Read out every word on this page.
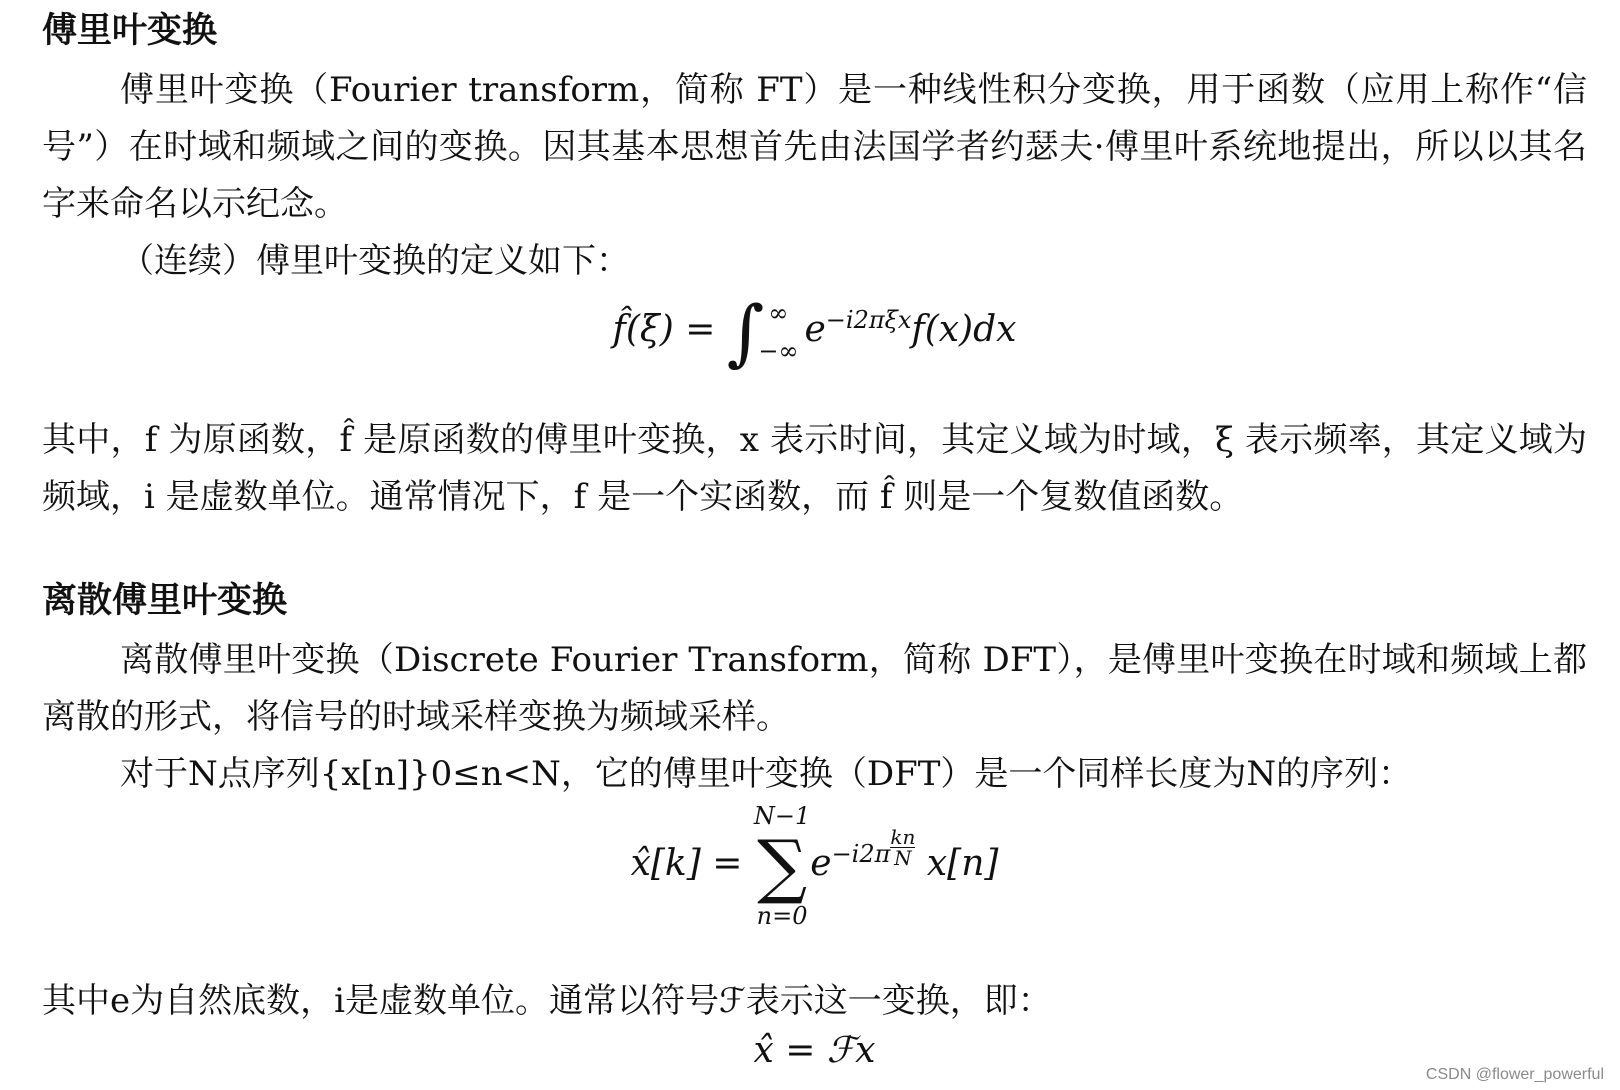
傅里叶变换

傅里叶变换（Fourier transform，简称 FT）是一种线性积分变换，用于函数（应用上称作“信号”）在时域和频域之间的变换。因其基本思想首先由法国学者约瑟夫·傅里叶系统地提出，所以以其名字来命名以示纪念。

（连续）傅里叶变换的定义如下：

f̂(ξ) = ∫ ∞
−∞
$e^{-i2\pi\xi x}f(x)dx$

其中，f 为原函数，f̂ 是原函数的傅里叶变换，x 表示时间，其定义域为时域，ξ 表示频率，其定义域为频域，i 是虚数单位。通常情况下，f 是一个实函数，而 f̂ 则是一个复数值函数。

离散傅里叶变换

离散傅里叶变换（Discrete Fourier Transform，简称 DFT），是傅里叶变换在时域和频域上都离散的形式，将信号的时域采样变换为频域采样。

对于N点序列{x[n]}0≤n<N，它的傅里叶变换（DFT）是一个同样长度为N的序列：

x̂[k] =
N−1
∑
n=0
$e^{-i2\pi \frac{kn}{N}}$ x[n]

其中e为自然底数，i是虚数单位。通常以符号ℱ表示这一变换，即：

x̂ = ℱx
CSDN @flower_powerful
